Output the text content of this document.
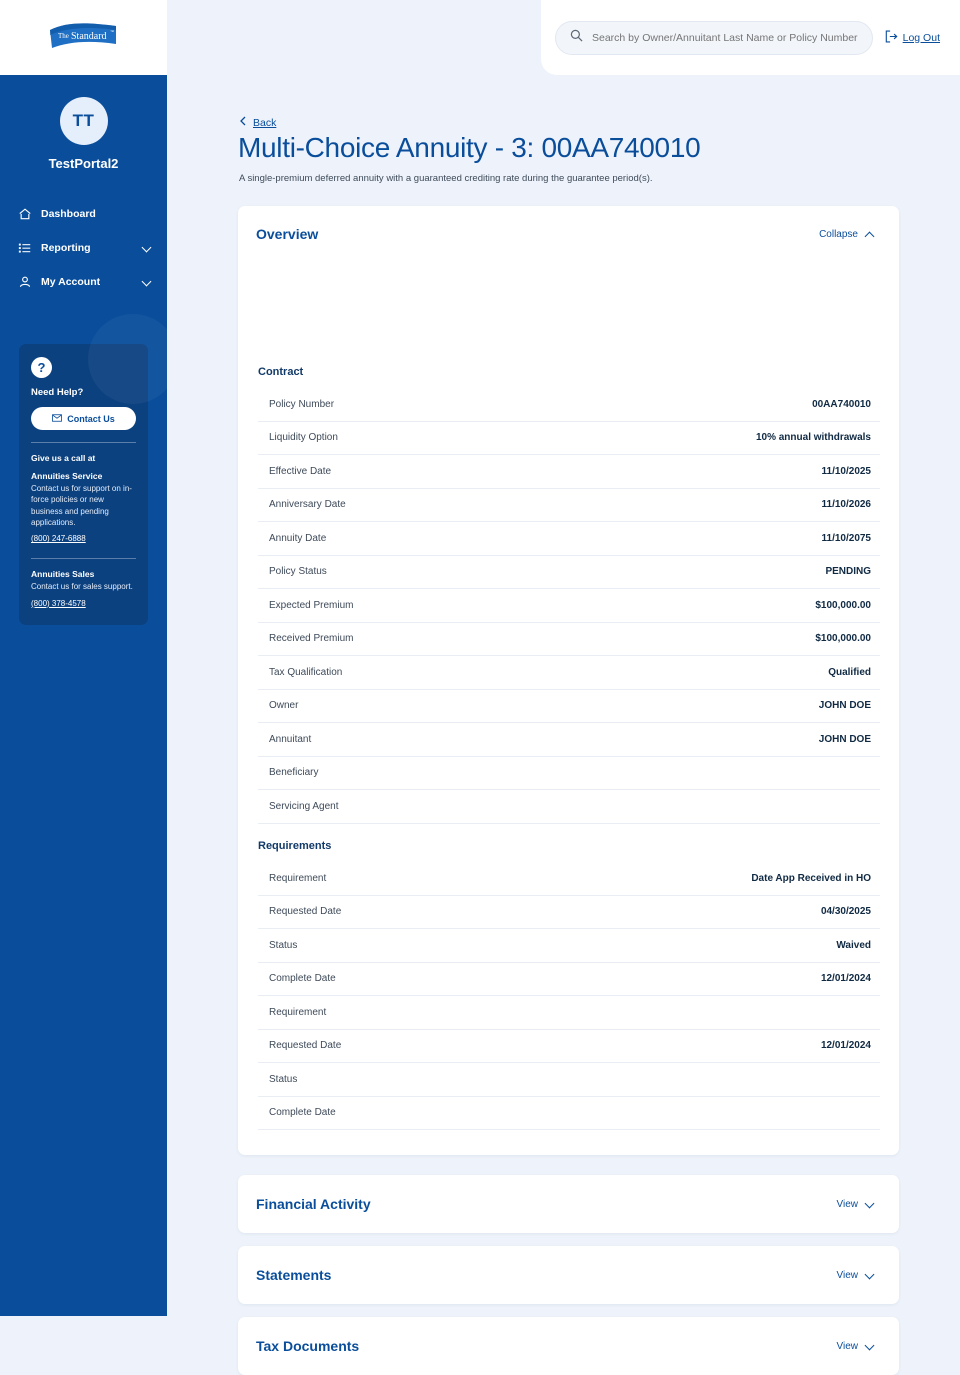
The Standard ™
TT
TestPortal2
Dashboard
Reporting
My Account
?
Need Help?
Contact Us
Give us a call at
Annuities Service
Contact us for support on in-force policies or new business and pending applications.
(800) 247-6888
Annuities Sales
Contact us for sales support.
(800) 378-4578
Search by Owner/Annuitant Last Name or Policy Number
Log Out
Back
Multi-Choice Annuity - 3: 00AA740010
A single-premium deferred annuity with a guaranteed crediting rate during the guarantee period(s).
Overview	Collapse
Contract
Policy Number	00AA740010
Liquidity Option	10% annual withdrawals
Effective Date	11/10/2025
Anniversary Date	11/10/2026
Annuity Date	11/10/2075
Policy Status	PENDING
Expected Premium	$100,000.00
Received Premium	$100,000.00
Tax Qualification	Qualified
Owner	JOHN DOE
Annuitant	JOHN DOE
Beneficiary
Servicing Agent
Requirements
Requirement	Date App Received in HO
Requested Date	04/30/2025
Status	Waived
Complete Date	12/01/2024
Requirement
Requested Date	12/01/2024
Status
Complete Date
Financial Activity	View
Statements	View
Tax Documents	View
